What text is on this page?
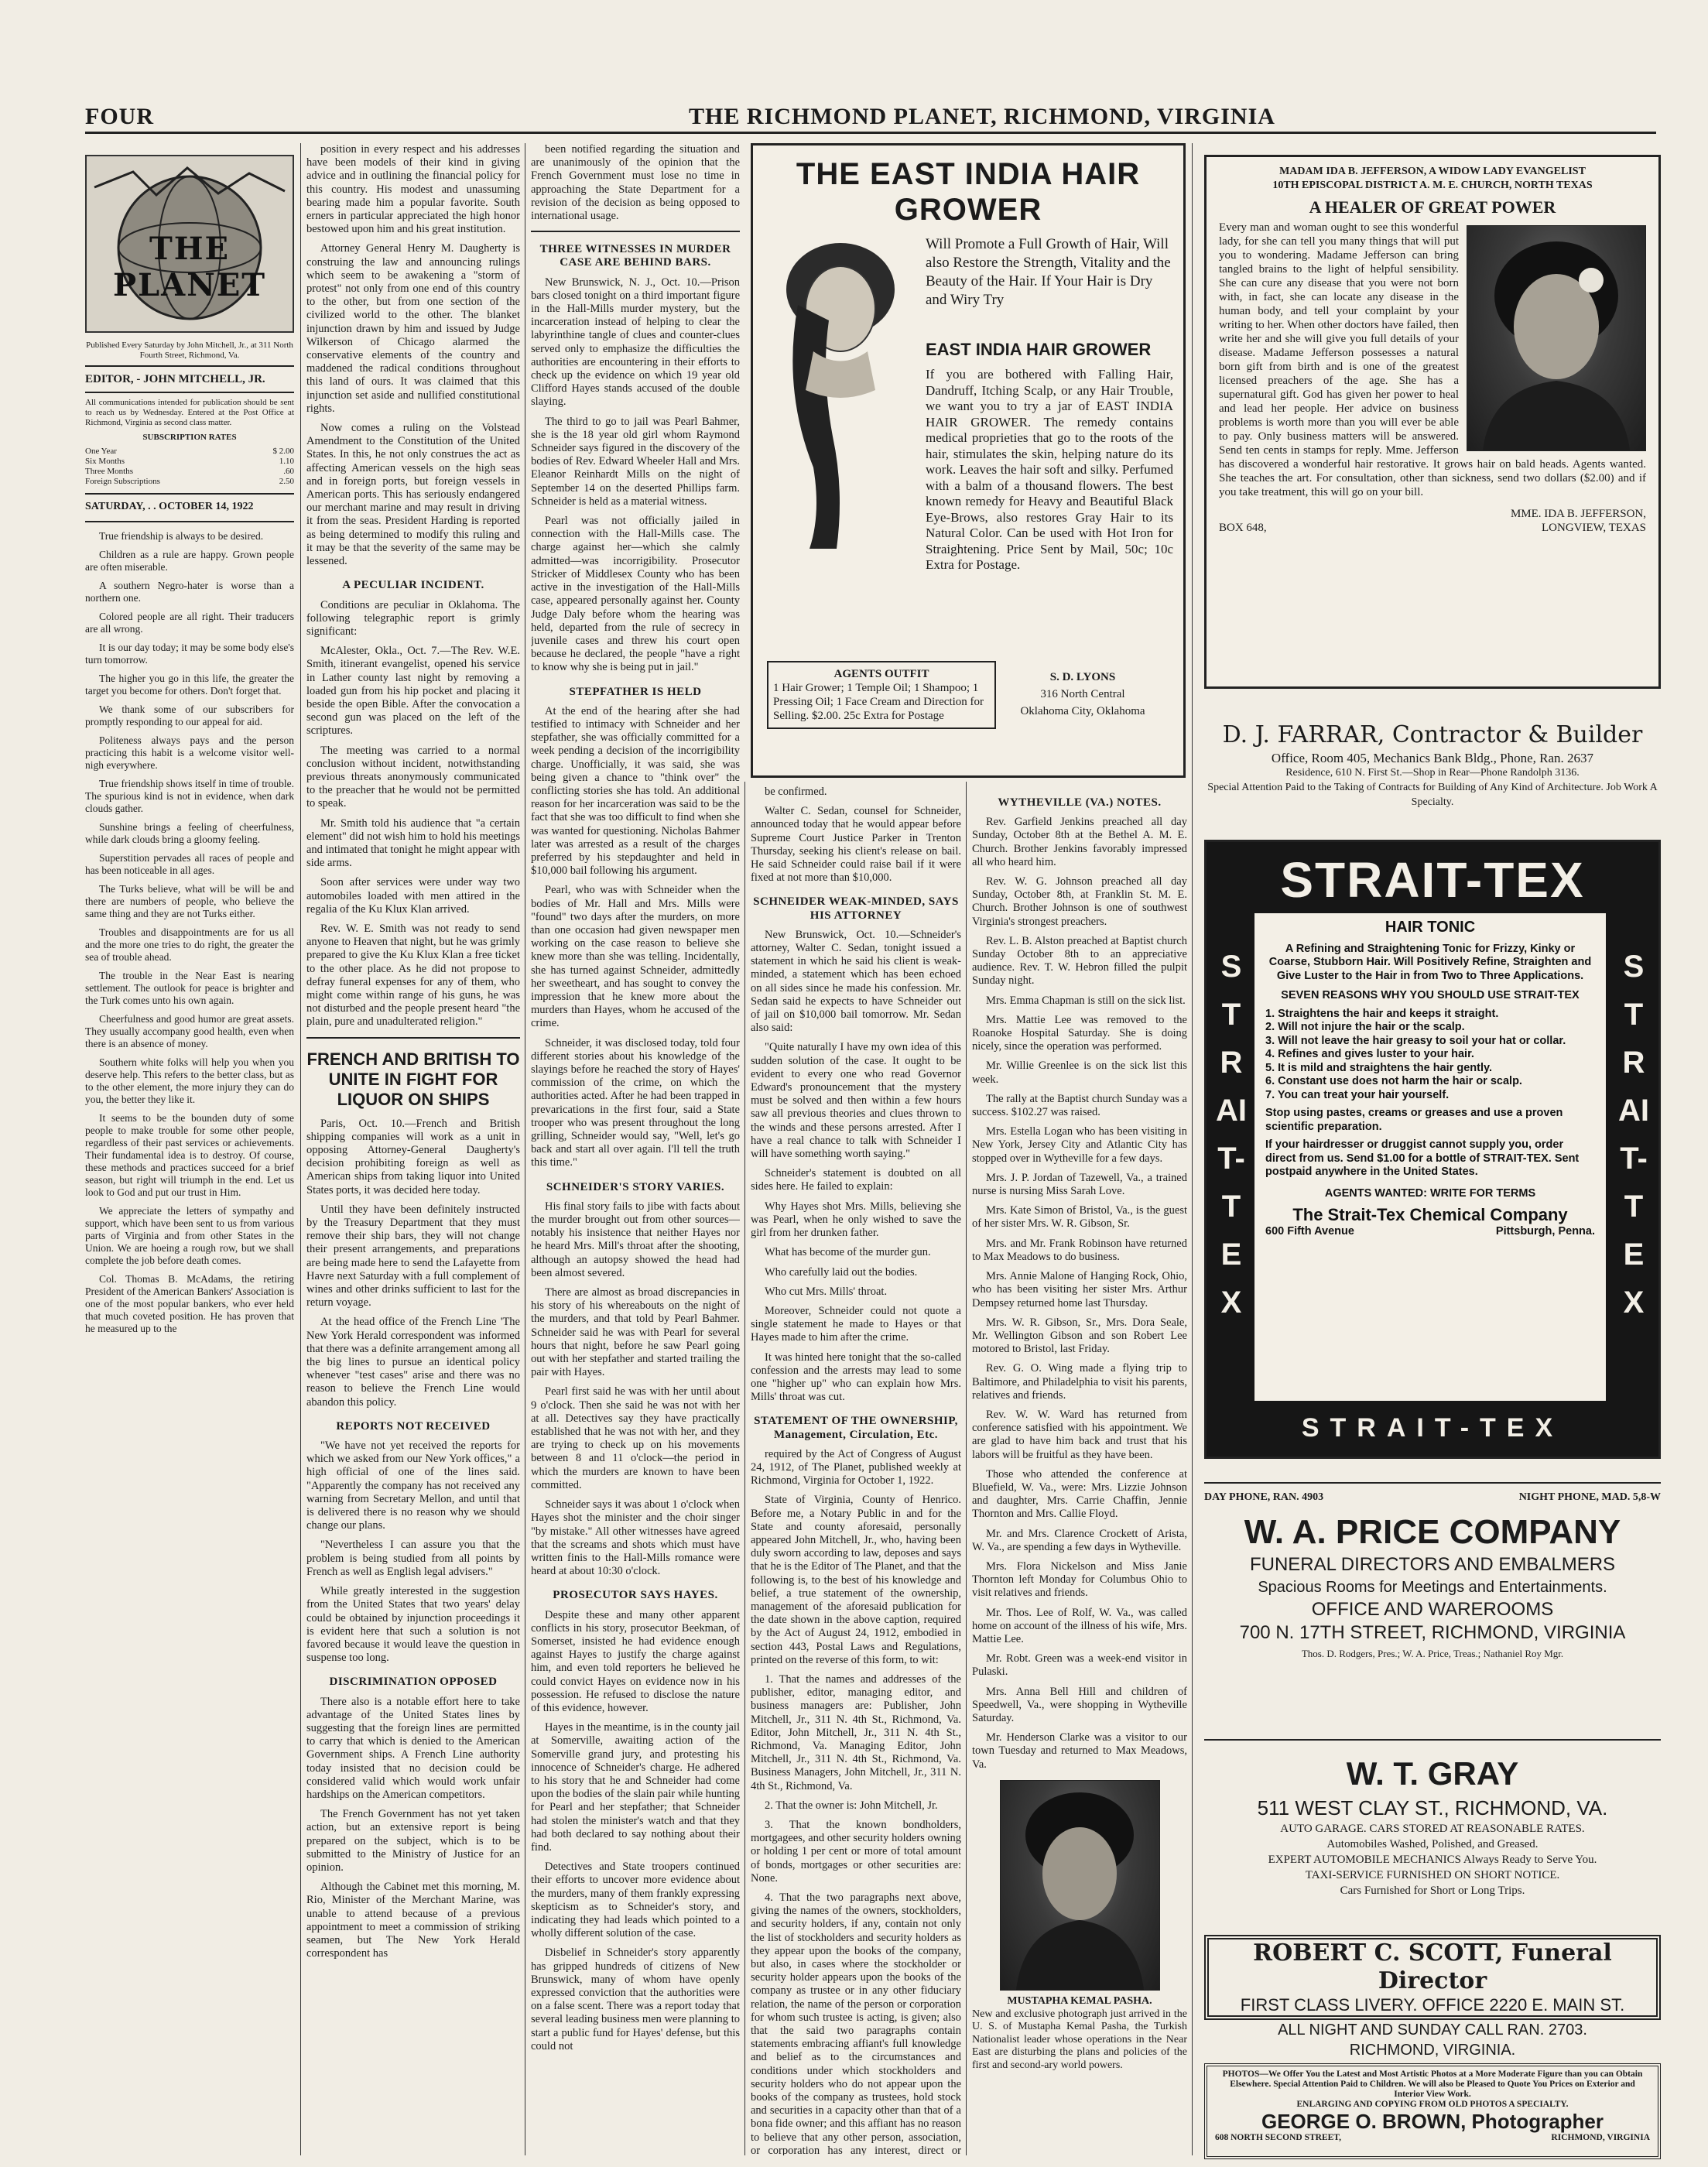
FOUR	THE RICHMOND PLANET, RICHMOND, VIRGINIA
THE PLANET
Published Every Saturday by John Mitchell, Jr., at 311 North Fourth Street, Richmond, Va.
EDITOR, - JOHN MITCHELL, JR.
All communications intended for publication should be sent to reach us by Wednesday. Entered at the Post Office at Richmond, Virginia as second class matter.
SUBSCRIPTION RATES
One Year	$ 2.00
Six Months	1.10
Three Months	.60
Foreign Subscriptions	2.50
SATURDAY, . . OCTOBER 14, 1922

True friendship is always to be desired.

Children as a rule are happy. Grown people are often miserable.

A southern Negro-hater is worse than a northern one.

Colored people are all right. Their traducers are all wrong.

It is our day today; it may be some body else's turn tomorrow.

The higher you go in this life, the greater the target you become for others. Don't forget that.

We thank some of our subscribers for promptly responding to our appeal for aid.

Politeness always pays and the person practicing this habit is a welcome visitor well-nigh everywhere.

True friendship shows itself in time of trouble. The spurious kind is not in evidence, when dark clouds gather.

Sunshine brings a feeling of cheerfulness, while dark clouds bring a gloomy feeling.

Superstition pervades all races of people and has been noticeable in all ages.

The Turks believe, what will be will be and there are numbers of people, who believe the same thing and they are not Turks either.

Troubles and disappointments are for us all and the more one tries to do right, the greater the sea of trouble ahead.

The trouble in the Near East is nearing settlement. The outlook for peace is brighter and the Turk comes unto his own again.

Cheerfulness and good humor are great assets. They usually accompany good health, even when there is an absence of money.

Southern white folks will help you when you deserve help. This refers to the better class, but as to the other element, the more injury they can do you, the better they like it.

It seems to be the bounden duty of some people to make trouble for some other people, regardless of their past services or achievements. Their fundamental idea is to destroy. Of course, these methods and practices succeed for a brief season, but right will triumph in the end. Let us look to God and put our trust in Him.

We appreciate the letters of sympathy and support, which have been sent to us from various parts of Virginia and from other States in the Union. We are hoeing a rough row, but we shall complete the job before death comes.

Col. Thomas B. McAdams, the retiring President of the American Bankers' Association is one of the most popular bankers, who ever held that much coveted position. He has proven that he measured up to the

position in every respect and his addresses have been models of their kind in giving advice and in outlining the financial policy for this country. His modest and unassuming bearing made him a popular favorite. South erners in particular appreciated the high honor bestowed upon him and his great institution.

Attorney General Henry M. Daugherty is construing the law and announcing rulings which seem to be awakening a "storm of protest" not only from one end of this country to the other, but from one section of the civilized world to the other. The blanket injunction drawn by him and issued by Judge Wilkerson of Chicago alarmed the conservative elements of the country and maddened the radical conditions throughout this land of ours. It was claimed that this injunction set aside and nullified constitutional rights.

Now comes a ruling on the Volstead Amendment to the Constitution of the United States. In this, he not only construes the act as affecting American vessels on the high seas and in foreign ports, but foreign vessels in American ports. This has seriously endangered our merchant marine and may result in driving it from the seas. President Harding is reported as being determined to modify this ruling and it may be that the severity of the same may be lessened.

A PECULIAR INCIDENT.

Conditions are peculiar in Oklahoma. The following telegraphic report is grimly significant:

McAlester, Okla., Oct. 7.—The Rev. W.E. Smith, itinerant evangelist, opened his service in Lather county last night by removing a loaded gun from his hip pocket and placing it beside the open Bible. After the convocation a second gun was placed on the left of the scriptures.

The meeting was carried to a normal conclusion without incident, notwithstanding previous threats anonymously communicated to the preacher that he would not be permitted to speak.

Mr. Smith told his audience that "a certain element" did not wish him to hold his meetings and intimated that tonight he might appear with side arms.

Soon after services were under way two automobiles loaded with men attired in the regalia of the Ku Klux Klan arrived.

Rev. W. E. Smith was not ready to send anyone to Heaven that night, but he was grimly prepared to give the Ku Klux Klan a free ticket to the other place. As he did not propose to defray funeral expenses for any of them, who might come within range of his guns, he was not disturbed and the people present heard "the plain, pure and unadulterated religion."

FRENCH AND BRITISH TO UNITE IN FIGHT FOR LIQUOR ON SHIPS

Paris, Oct. 10.—French and British shipping companies will work as a unit in opposing Attorney-General Daugherty's decision prohibiting foreign as well as American ships from taking liquor into United States ports, it was decided here today.

Until they have been definitely instructed by the Treasury Department that they must remove their ship bars, they will not change their present arrangements, and preparations are being made here to send the Lafayette from Havre next Saturday with a full complement of wines and other drinks sufficient to last for the return voyage.

At the head office of the French Line 'The New York Herald correspondent was informed that there was a definite arrangement among all the big lines to pursue an identical policy whenever "test cases" arise and there was no reason to believe the French Line would abandon this policy.

REPORTS NOT RECEIVED

"We have not yet received the reports for which we asked from our New York offices," a high official of one of the lines said. "Apparently the company has not received any warning from Secretary Mellon, and until that is delivered there is no reason why we should change our plans.

"Nevertheless I can assure you that the problem is being studied from all points by French as well as English legal advisers."

While greatly interested in the suggestion from the United States that two years' delay could be obtained by injunction proceedings it is evident here that such a solution is not favored because it would leave the question in suspense too long.

DISCRIMINATION OPPOSED

There also is a notable effort here to take advantage of the United States lines by suggesting that the foreign lines are permitted to carry that which is denied to the American Government ships. A French Line authority today insisted that no decision could be considered valid which would work unfair hardships on the American competitors.

The French Government has not yet taken action, but an extensive report is being prepared on the subject, which is to be submitted to the Ministry of Justice for an opinion.

Although the Cabinet met this morning, M. Rio, Minister of the Merchant Marine, was unable to attend because of a previous appointment to meet a commission of striking seamen, but The New York Herald correspondent has

been notified regarding the situation and are unanimously of the opinion that the French Government must lose no time in approaching the State Department for a revision of the decision as being opposed to international usage.

THREE WITNESSES IN MURDER CASE ARE BEHIND BARS.

New Brunswick, N. J., Oct. 10.—Prison bars closed tonight on a third important figure in the Hall-Mills murder mystery, but the incarceration instead of helping to clear the labyrinthine tangle of clues and counter-clues served only to emphasize the difficulties the authorities are encountering in their efforts to check up the evidence on which 19 year old Clifford Hayes stands accused of the double slaying.

The third to go to jail was Pearl Bahmer, she is the 18 year old girl whom Raymond Schneider says figured in the discovery of the bodies of Rev. Edward Wheeler Hall and Mrs. Eleanor Reinhardt Mills on the night of September 14 on the deserted Phillips farm. Schneider is held as a material witness.

Pearl was not officially jailed in connection with the Hall-Mills case. The charge against her—which she calmly admitted—was incorrigibility. Prosecutor Stricker of Middlesex County who has been active in the investigation of the Hall-Mills case, appeared personally against her. County Judge Daly before whom the hearing was held, departed from the rule of secrecy in juvenile cases and threw his court open because he declared, the people "have a right to know why she is being put in jail."

STEPFATHER IS HELD

At the end of the hearing after she had testified to intimacy with Schneider and her stepfather, she was officially committed for a week pending a decision of the incorrigibility charge. Unofficially, it was said, she was being given a chance to "think over" the conflicting stories she has told. An additional reason for her incarceration was said to be the fact that she was too difficult to find when she was wanted for questioning. Nicholas Bahmer later was arrested as a result of the charges preferred by his stepdaughter and held in $10,000 bail following his argument.

Pearl, who was with Schneider when the bodies of Mr. Hall and Mrs. Mills were "found" two days after the murders, on more than one occasion had given newspaper men working on the case reason to believe she knew more than she was telling. Incidentally, she has turned against Schneider, admittedly her sweetheart, and has sought to convey the impression that he knew more about the murders than Hayes, whom he accused of the crime.

Schneider, it was disclosed today, told four different stories about his knowledge of the slayings before he reached the story of Hayes' commission of the crime, on which the authorities acted. After he had been trapped in prevarications in the first four, said a State trooper who was present throughout the long grilling, Schneider would say, "Well, let's go back and start all over again. I'll tell the truth this time."

SCHNEIDER'S STORY VARIES.

His final story fails to jibe with facts about the murder brought out from other sources—notably his insistence that neither Hayes nor he heard Mrs. Mill's throat after the shooting, although an autopsy showed the head had been almost severed.

There are almost as broad discrepancies in his story of his whereabouts on the night of the murders, and that told by Pearl Bahmer. Schneider said he was with Pearl for several hours that night, before he saw Pearl going out with her stepfather and started trailing the pair with Hayes.

Pearl first said he was with her until about 9 o'clock. Then she said he was not with her at all. Detectives say they have practically established that he was not with her, and they are trying to check up on his movements between 8 and 11 o'clock—the period in which the murders are known to have been committed.

Schneider says it was about 1 o'clock when Hayes shot the minister and the choir singer "by mistake." All other witnesses have agreed that the screams and shots which must have written finis to the Hall-Mills romance were heard at about 10:30 o'clock.

PROSECUTOR SAYS HAYES.

Despite these and many other apparent conflicts in his story, prosecutor Beekman, of Somerset, insisted he had evidence enough against Hayes to justify the charge against him, and even told reporters he believed he could convict Hayes on evidence now in his possession. He refused to disclose the nature of this evidence, however.

Hayes in the meantime, is in the county jail at Somerville, awaiting action of the Somerville grand jury, and protesting his innocence of Schneider's charge. He adhered to his story that he and Schneider had come upon the bodies of the slain pair while hunting for Pearl and her stepfather; that Schneider had stolen the minister's watch and that they had both declared to say nothing about their find.

Detectives and State troopers continued their efforts to uncover more evidence about the murders, many of them frankly expressing skepticism as to Schneider's story, and indicating they had leads which pointed to a wholly different solution of the case.

Disbelief in Schneider's story apparently has gripped hundreds of citizens of New Brunswick, many of whom have openly expressed conviction that the authorities were on a false scent. There was a report today that several leading business men were planning to start a public fund for Hayes' defense, but this could not

THE EAST INDIA HAIR GROWER
Will Promote a Full Growth of Hair, Will also Restore the Strength, Vitality and the Beauty of the Hair. If Your Hair is Dry and Wiry Try
EAST INDIA HAIR GROWER
If you are bothered with Falling Hair, Dandruff, Itching Scalp, or any Hair Trouble, we want you to try a jar of EAST INDIA HAIR GROWER. The remedy contains medical proprieties that go to the roots of the hair, stimulates the skin, helping nature do its work. Leaves the hair soft and silky. Perfumed with a balm of a thousand flowers. The best known remedy for Heavy and Beautiful Black Eye-Brows, also restores Gray Hair to its Natural Color. Can be used with Hot Iron for Straightening. Price Sent by Mail, 50c; 10c Extra for Postage.
AGENTS OUTFIT
1 Hair Grower; 1 Temple Oil; 1 Shampoo; 1 Pressing Oil; 1 Face Cream and Direction for Selling. $2.00. 25c Extra for Postage
S. D. LYONS
316 North Central
Oklahoma City, Oklahoma

be confirmed.

Walter C. Sedan, counsel for Schneider, announced today that he would appear before Supreme Court Justice Parker in Trenton Thursday, seeking his client's release on bail. He said Schneider could raise bail if it were fixed at not more than $10,000.

SCHNEIDER WEAK-MINDED, SAYS HIS ATTORNEY

New Brunswick, Oct. 10.—Schneider's attorney, Walter C. Sedan, tonight issued a statement in which he said his client is weak-minded, a statement which has been echoed on all sides since he made his confession. Mr. Sedan said he expects to have Schneider out of jail on $10,000 bail tomorrow. Mr. Sedan also said:

"Quite naturally I have my own idea of this sudden solution of the case. It ought to be evident to every one who read Governor Edward's pronouncement that the mystery must be solved and then within a few hours saw all previous theories and clues thrown to the winds and these persons arrested. After I have a real chance to talk with Schneider I will have something worth saying."

Schneider's statement is doubted on all sides here. He failed to explain:

Why Hayes shot Mrs. Mills, believing she was Pearl, when he only wished to save the girl from her drunken father.

What has become of the murder gun.

Who carefully laid out the bodies.

Who cut Mrs. Mills' throat.

Moreover, Schneider could not quote a single statement he made to Hayes or that Hayes made to him after the crime.

It was hinted here tonight that the so-called confession and the arrests may lead to some one "higher up" who can explain how Mrs. Mills' throat was cut.

STATEMENT OF THE OWNERSHIP, Management, Circulation, Etc.

required by the Act of Congress of August 24, 1912, of The Planet, published weekly at Richmond, Virginia for October 1, 1922.

State of Virginia, County of Henrico. Before me, a Notary Public in and for the State and county aforesaid, personally appeared John Mitchell, Jr., who, having been duly sworn according to law, deposes and says that he is the Editor of The Planet, and that the following is, to the best of his knowledge and belief, a true statement of the ownership, management of the aforesaid publication for the date shown in the above caption, required by the Act of August 24, 1912, embodied in section 443, Postal Laws and Regulations, printed on the reverse of this form, to wit:

1. That the names and addresses of the publisher, editor, managing editor, and business managers are: Publisher, John Mitchell, Jr., 311 N. 4th St., Richmond, Va. Editor, John Mitchell, Jr., 311 N. 4th St., Richmond, Va. Managing Editor, John Mitchell, Jr., 311 N. 4th St., Richmond, Va. Business Managers, John Mitchell, Jr., 311 N. 4th St., Richmond, Va.

2. That the owner is: John Mitchell, Jr.

3. That the known bondholders, mortgagees, and other security holders owning or holding 1 per cent or more of total amount of bonds, mortgages or other securities are: None.

4. That the two paragraphs next above, giving the names of the owners, stockholders, and security holders, if any, contain not only the list of stockholders and security holders as they appear upon the books of the company, but also, in cases where the stockholder or security holder appears upon the books of the company as trustee or in any other fiduciary relation, the name of the person or corporation for whom such trustee is acting, is given; also that the said two paragraphs contain statements embracing affiant's full knowledge and belief as to the circumstances and conditions under which stockholders and security holders who do not appear upon the books of the company as trustees, hold stock and securities in a capacity other than that of a bona fide owner; and this affiant has no reason to believe that any other person, association, or corporation has any interest, direct or

WYTHEVILLE (VA.) NOTES.

Rev. Garfield Jenkins preached all day Sunday, October 8th at the Bethel A. M. E. Church. Brother Jenkins favorably impressed all who heard him.

Rev. W. G. Johnson preached all day Sunday, October 8th, at Franklin St. M. E. Church. Brother Johnson is one of southwest Virginia's strongest preachers.

Rev. L. B. Alston preached at Baptist church Sunday October 8th to an appreciative audience. Rev. T. W. Hebron filled the pulpit Sunday night.

Mrs. Emma Chapman is still on the sick list.

Mrs. Mattie Lee was removed to the Roanoke Hospital Saturday. She is doing nicely, since the operation was performed.

Mr. Willie Greenlee is on the sick list this week.

The rally at the Baptist church Sunday was a success. $102.27 was raised.

Mrs. Estella Logan who has been visiting in New York, Jersey City and Atlantic City has stopped over in Wytheville for a few days.

Mrs. J. P. Jordan of Tazewell, Va., a trained nurse is nursing Miss Sarah Love.

Mrs. Kate Simon of Bristol, Va., is the guest of her sister Mrs. W. R. Gibson, Sr.

Mrs. and Mr. Frank Robinson have returned to Max Meadows to do business.

Mrs. Annie Malone of Hanging Rock, Ohio, who has been visiting her sister Mrs. Arthur Dempsey returned home last Thursday.

Mrs. W. R. Gibson, Sr., Mrs. Dora Seale, Mr. Wellington Gibson and son Robert Lee motored to Bristol, last Friday.

Rev. G. O. Wing made a flying trip to Baltimore, and Philadelphia to visit his parents, relatives and friends.

Rev. W. W. Ward has returned from conference satisfied with his appointment. We are glad to have him back and trust that his labors will be fruitful as they have been.

Those who attended the conference at Bluefield, W. Va., were: Mrs. Lizzie Johnson and daughter, Mrs. Carrie Chaffin, Jennie Thornton and Mrs. Callie Floyd.

Mr. and Mrs. Clarence Crockett of Arista, W. Va., are spending a few days in Wytheville.

Mrs. Flora Nickelson and Miss Janie Thornton left Monday for Columbus Ohio to visit relatives and friends.

Mr. Thos. Lee of Rolf, W. Va., was called home on account of the illness of his wife, Mrs. Mattie Lee.

Mr. Robt. Green was a week-end visitor in Pulaski.

Mrs. Anna Bell Hill and children of Speedwell, Va., were shopping in Wytheville Saturday.

Mr. Henderson Clarke was a visitor to our town Tuesday and returned to Max Meadows, Va.

MUSTAPHA KEMAL PASHA.
New and exclusive photograph just arrived in the U. S. of Mustapha Kemal Pasha, the Turkish Nationalist leader whose operations in the Near East are disturbing the plans and policies of the first and second-ary world powers.
MADAM IDA B. JEFFERSON, A WIDOW LADY EVANGELIST
10TH EPISCOPAL DISTRICT A. M. E. CHURCH, NORTH TEXAS
A HEALER OF GREAT POWER
Every man and woman ought to see this wonderful lady, for she can tell you many things that will put you to wondering. Madame Jefferson can bring tangled brains to the light of helpful sensibility. She can cure any disease that you were not born with, in fact, she can locate any disease in the human body, and tell your complaint by your writing to her. When other doctors have failed, then write her and she will give you full details of your disease. Madame Jefferson possesses a natural born gift from birth and is one of the greatest licensed preachers of the age. She has a supernatural gift. God has given her power to heal and lead her people. Her advice on business problems is worth more than you will ever be able to pay. Only business matters will be answered. Send ten cents in stamps for reply. Mme. Jefferson has discovered a wonderful hair restorative. It grows hair on bald heads. Agents wanted. She teaches the art. For consultation, other than sickness, send two dollars ($2.00) and if you take treatment, this will go on your bill.
MME. IDA B. JEFFERSON,
BOX 648,	LONGVIEW, TEXAS
D. J. FARRAR, Contractor & Builder
Office, Room 405, Mechanics Bank Bldg., Phone, Ran. 2637
Residence, 610 N. First St.—Shop in Rear—Phone Randolph 3136.
Special Attention Paid to the Taking of Contracts for Building of Any Kind of Architecture. Job Work A Specialty.
STRAIT-TEX
STRAIT-TEX
STRAIT-TEX
HAIR TONIC
A Refining and Straightening Tonic for Frizzy, Kinky or Coarse, Stubborn Hair. Will Positively Refine, Straighten and Give Luster to the Hair in from Two to Three Applications.
SEVEN REASONS WHY YOU SHOULD USE STRAIT-TEX
1. Straightens the hair and keeps it straight.
2. Will not injure the hair or the scalp.
3. Will not leave the hair greasy to soil your hat or collar.
4. Refines and gives luster to your hair.
5. It is mild and straightens the hair gently.
6. Constant use does not harm the hair or scalp.
7. You can treat your hair yourself.
Stop using pastes, creams or greases and use a proven scientific preparation.
If your hairdresser or druggist cannot supply you, order direct from us. Send $1.00 for a bottle of STRAIT-TEX. Sent postpaid anywhere in the United States.
AGENTS WANTED: WRITE FOR TERMS
The Strait-Tex Chemical Company
600 Fifth Avenue	Pittsburgh, Penna.
STRAIT-TEX
DAY PHONE, RAN. 4903	NIGHT PHONE, MAD. 5,8-W
W. A. PRICE COMPANY
FUNERAL DIRECTORS AND EMBALMERS
Spacious Rooms for Meetings and Entertainments.
OFFICE AND WAREROOMS
700 N. 17TH STREET, RICHMOND, VIRGINIA
Thos. D. Rodgers, Pres.; W. A. Price, Treas.; Nathaniel Roy Mgr.
W. T. GRAY
511 WEST CLAY ST., RICHMOND, VA.
AUTO GARAGE. CARS STORED AT REASONABLE RATES.
Automobiles Washed, Polished, and Greased.
EXPERT AUTOMOBILE MECHANICS Always Ready to Serve You.
TAXI-SERVICE FURNISHED ON SHORT NOTICE.
Cars Furnished for Short or Long Trips.
ROBERT C. SCOTT, Funeral Director
FIRST CLASS LIVERY. OFFICE 2220 E. MAIN ST.
ALL NIGHT AND SUNDAY CALL RAN. 2703.
RICHMOND, VIRGINIA.
PHOTOS—We Offer You the Latest and Most Artistic Photos at a More Moderate Figure than you can Obtain Elsewhere. Special Attention Paid to Children. We will also be Pleased to Quote You Prices on Exterior and Interior View Work.
ENLARGING AND COPYING FROM OLD PHOTOS A SPECIALTY.
GEORGE O. BROWN, Photographer
608 NORTH SECOND STREET,	RICHMOND, VIRGINIA
